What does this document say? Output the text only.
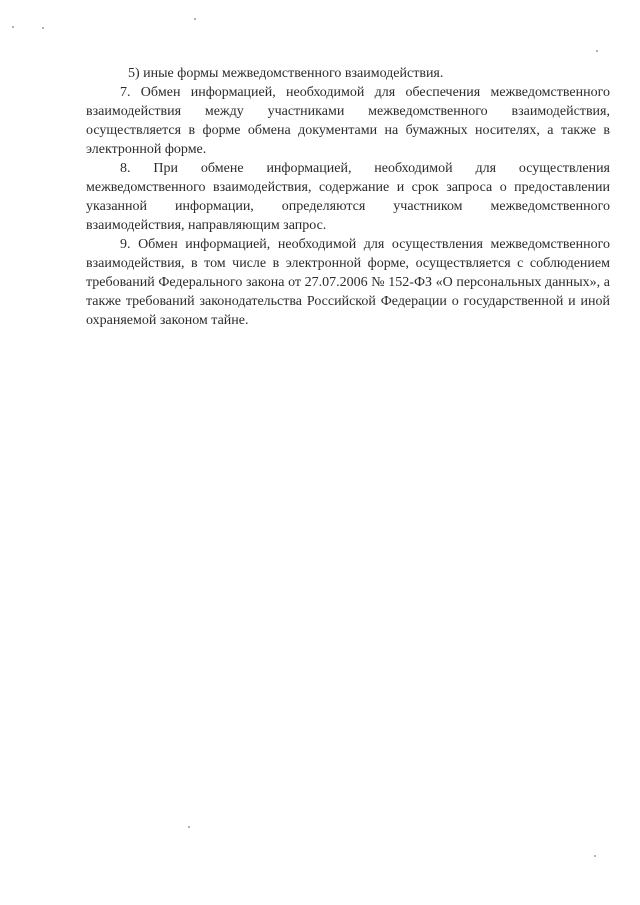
5) иные формы межведомственного взаимодействия.

7. Обмен информацией, необходимой для обеспечения межведомственного взаимодействия между участниками межведомственного взаимодействия, осуществляется в форме обмена документами на бумажных носителях, а также в электронной форме.

8. При обмене информацией, необходимой для осуществления межведомственного взаимодействия, содержание и срок запроса о предоставлении указанной информации, определяются участником межведомственного взаимодействия, направляющим запрос.

9. Обмен информацией, необходимой для осуществления межведомственного взаимодействия, в том числе в электронной форме, осуществляется с соблюдением требований Федерального закона от 27.07.2006 № 152-ФЗ «О персональных данных», а также требований законодательства Российской Федерации о государственной и иной охраняемой законом тайне.
